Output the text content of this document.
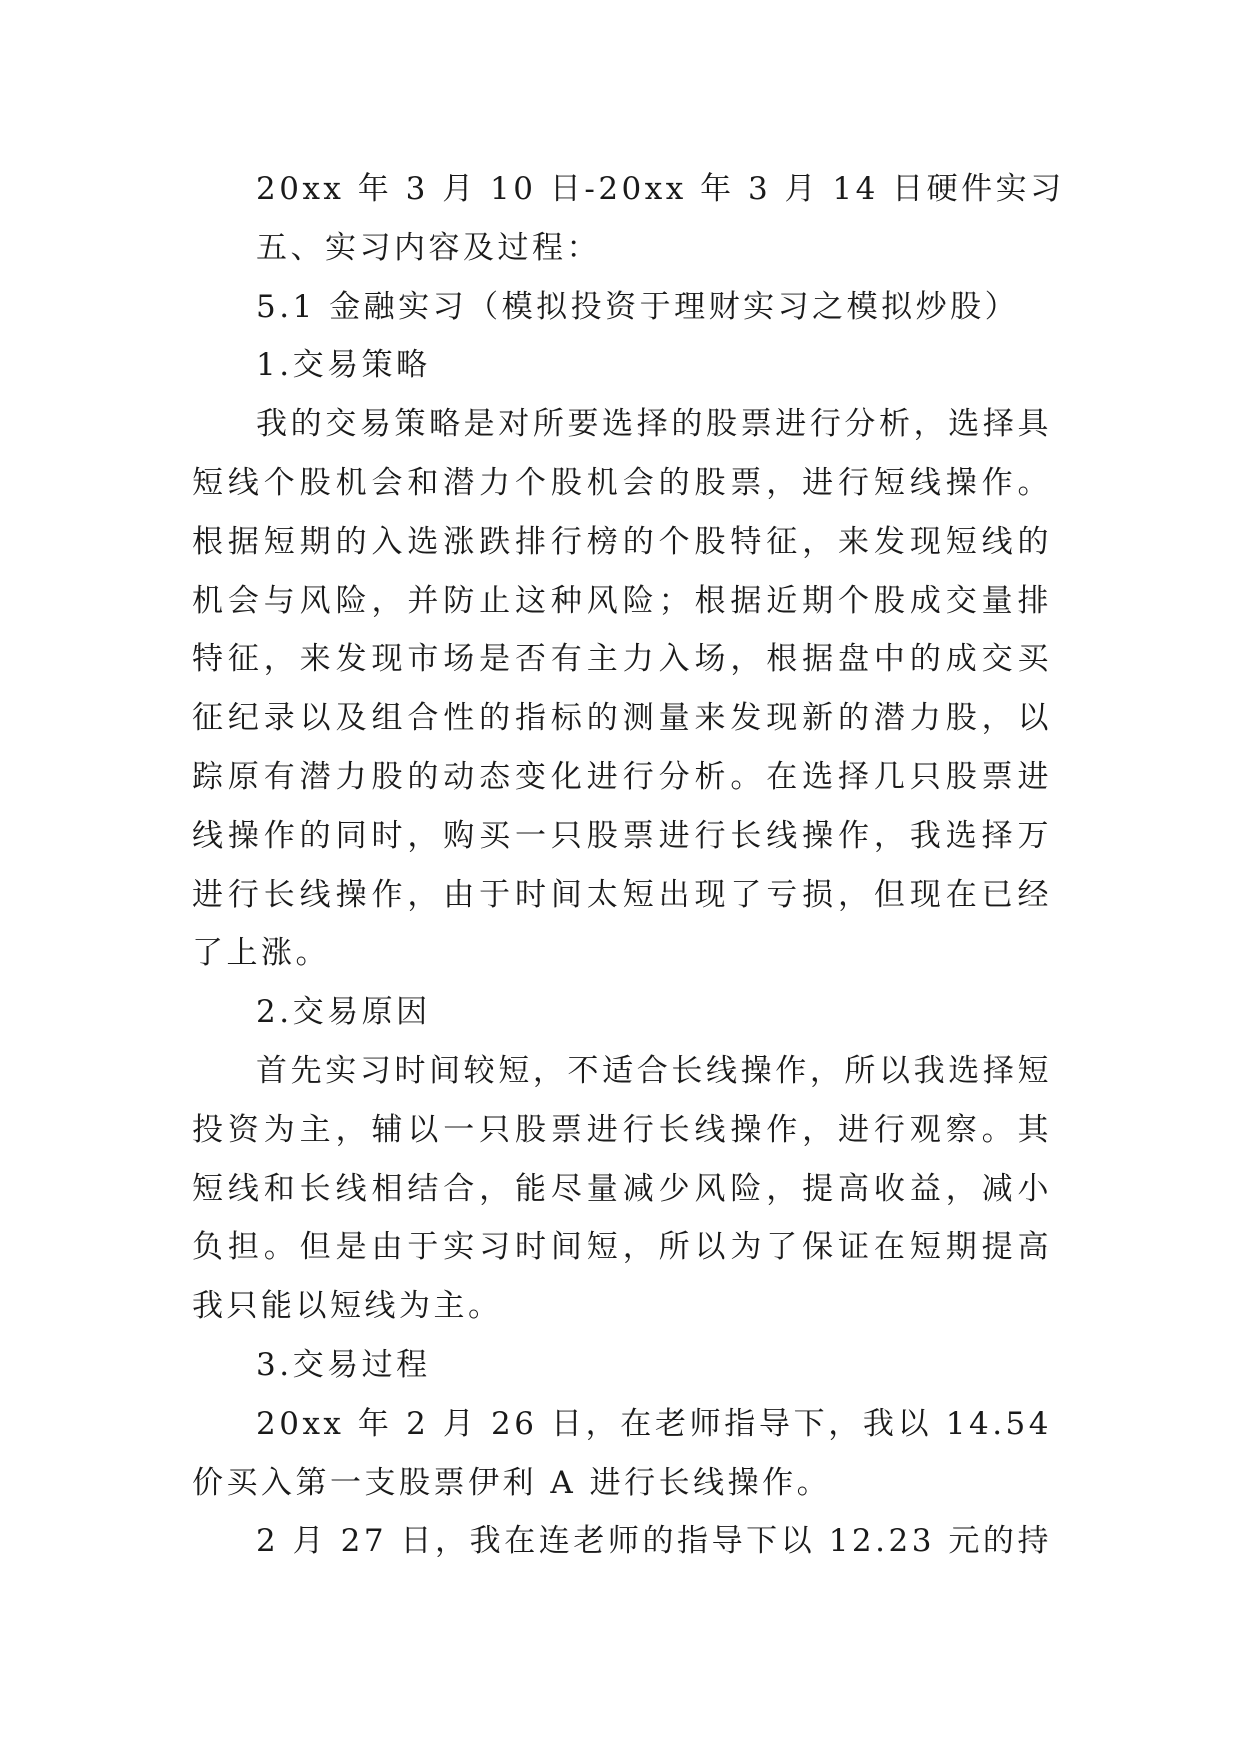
20xx 年 3 月 10 日-20xx 年 3 月 14 日硬件实习
五、实习内容及过程：
5.1 金融实习（模拟投资于理财实习之模拟炒股）
1.交易策略
我的交易策略是对所要选择的股票进行分析，选择具
短线个股机会和潜力个股机会的股票，进行短线操作。
根据短期的入选涨跌排行榜的个股特征，来发现短线的
机会与风险，并防止这种风险；根据近期个股成交量排
特征，来发现市场是否有主力入场，根据盘中的成交买
征纪录以及组合性的指标的测量来发现新的潜力股，以
踪原有潜力股的动态变化进行分析。在选择几只股票进
线操作的同时，购买一只股票进行长线操作，我选择万
进行长线操作，由于时间太短出现了亏损，但现在已经
了上涨。
2.交易原因
首先实习时间较短，不适合长线操作，所以我选择短
投资为主，辅以一只股票进行长线操作，进行观察。其
短线和长线相结合，能尽量减少风险，提高收益，减小
负担。但是由于实习时间短，所以为了保证在短期提高
我只能以短线为主。
3.交易过程
20xx 年 2 月 26 日，在老师指导下，我以 14.54
价买入第一支股票伊利 A 进行长线操作。
2 月 27 日，我在连老师的指导下以 12.23 元的持
